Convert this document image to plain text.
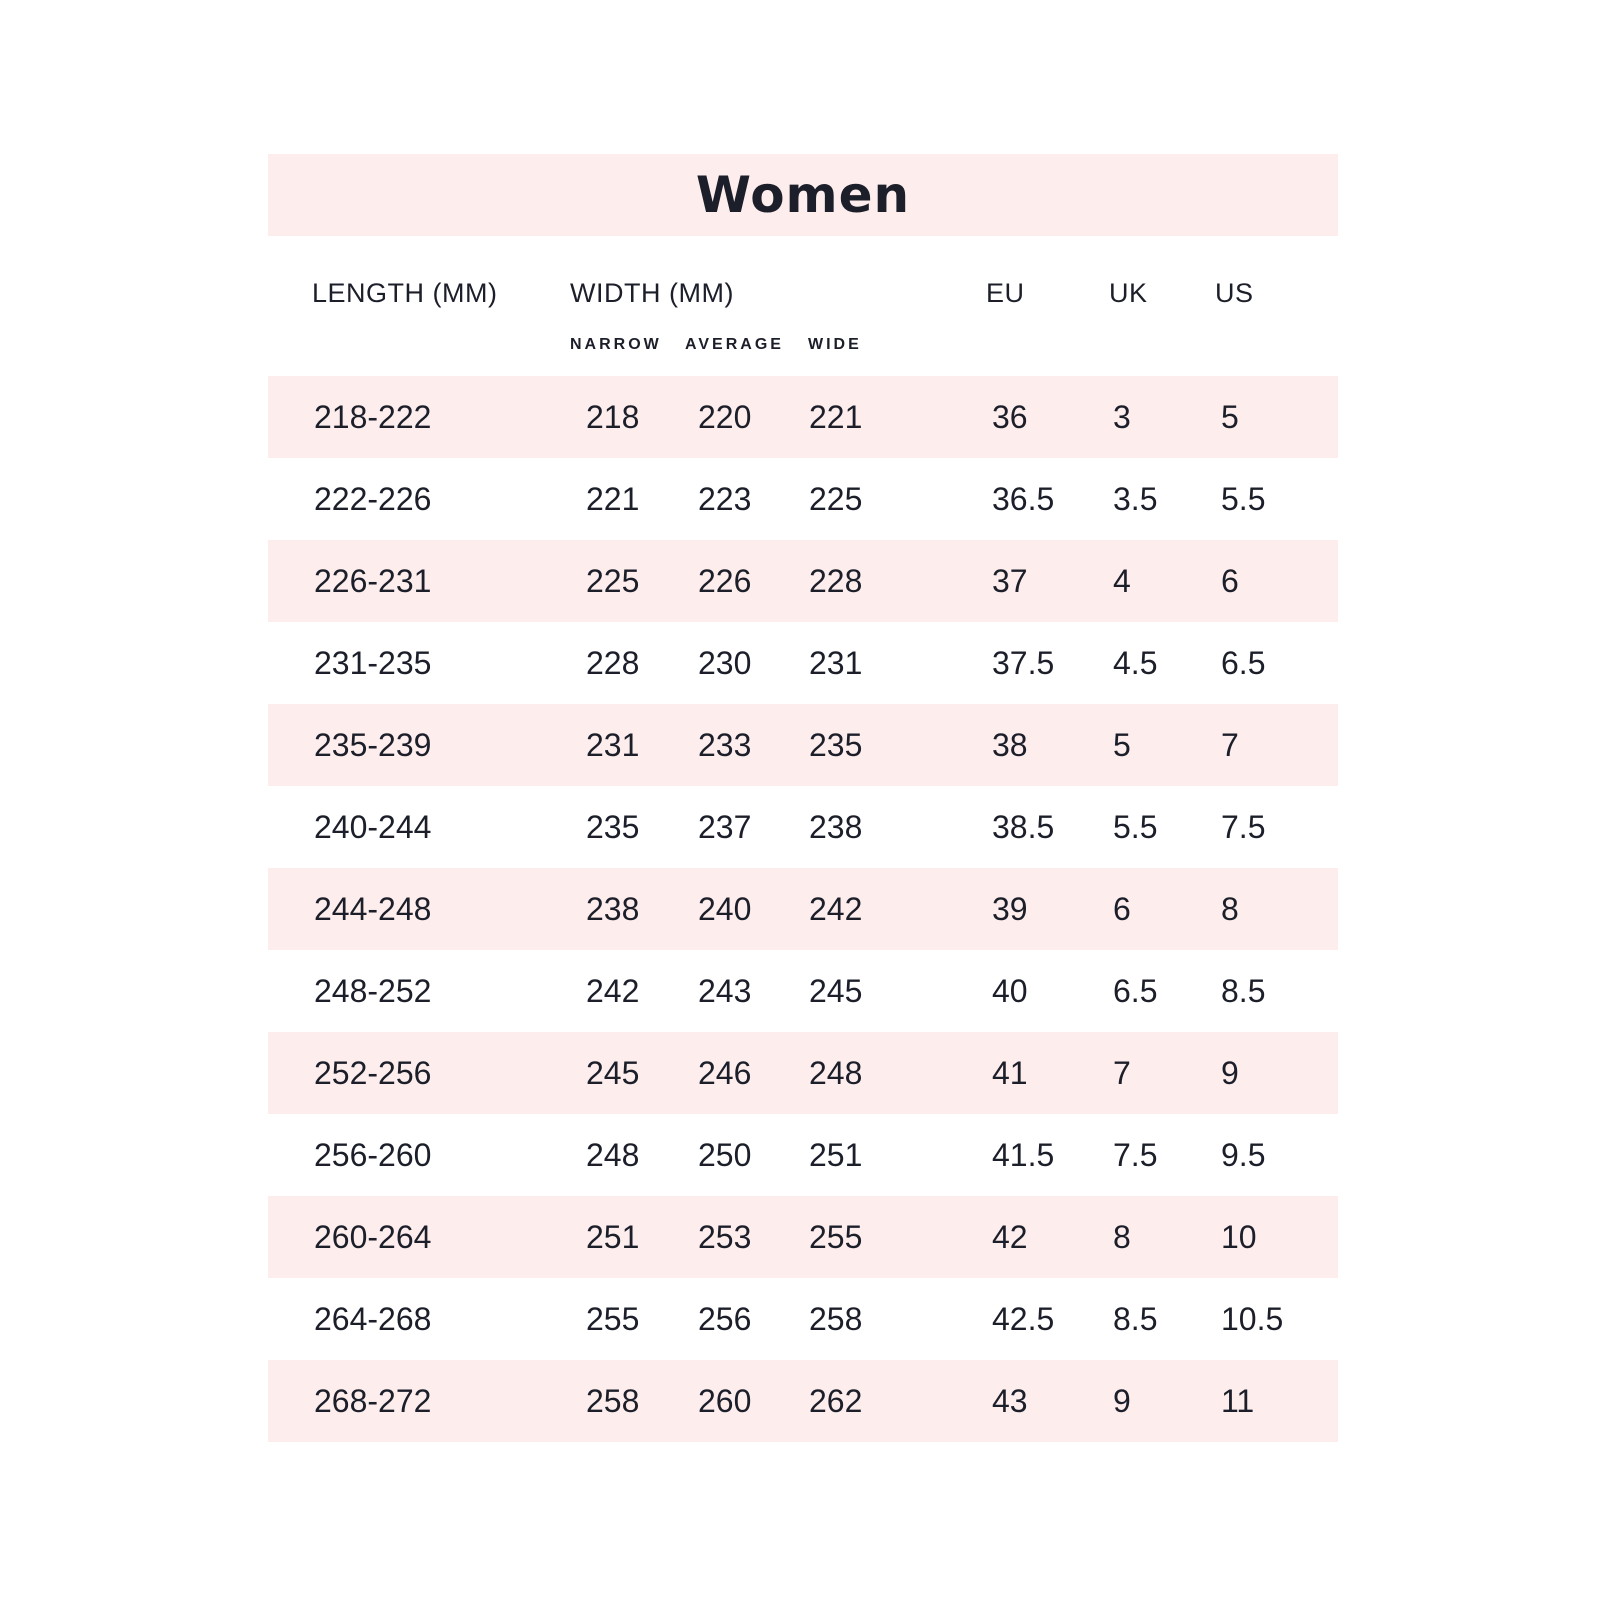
Women
LENGTH (MM)	WIDTH (MM)	EU	UK US
NARROW AVERAGE WIDE
218-222	218 220 221	36	3	5
222-226	221 223 225	36.5 3.5 5.5
226-231	225 226 228	37	4	6
231-235	228 230 231	37.5 4.5 6.5
235-239	231 233 235	38	5	7
240-244	235 237 238	38.5 5.5 7.5
244-248	238 240 242	39	6	8
248-252	242 243 245	40	6.5 8.5
252-256	245 246 248	41	7	9
256-260	248 250 251	41.5 7.5 9.5
260-264	251 253 255	42	8	10
264-268	255 256 258	42.5 8.5 10.5
268-272	258 260 262	43	9	11
